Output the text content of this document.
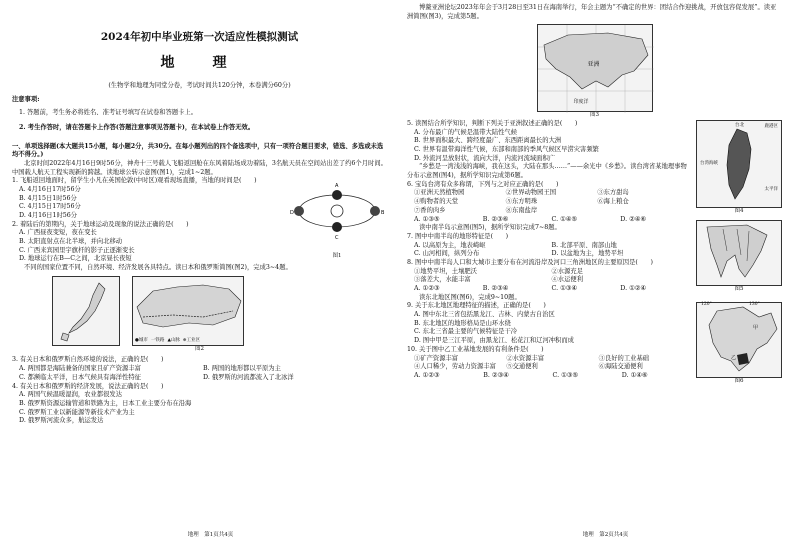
2024年初中毕业班第一次适应性模拟测试
地　理

(生物学和地理为同堂分卷，考试时间共120分钟，本卷满分60分)

注意事项:

1. 答题前，考生务必将姓名、准考证号填写在试卷和答题卡上。

2. 考生作答时，请在答题卡上作答(答题注意事项见答题卡)，在本试卷上作答无效。

一、单项选择题(本大题共15小题，每小题2分，共30分。在每小题列出的四个备选项中，只有一项符合题目要求，错选、多选或未选均不得分。)

北京时间2022年4月16日9时56分，神舟十三号载人飞船返回舱在东风着陆场成功着陆，3名航天员在空间站出差了约6个月时间。中国载人航天工程实现新的跨越。读地球公转示意图(图1)，完成1~2题。

1. 飞船返回地面时，留学生小凡在英国伦敦(中时区)观看现场直播，当地的时间是(　　)

A. 4月16日17时56分

B. 4月15日1时56分

C. 4月15日17时56分

D. 4月16日1时56分

2. 着陆后的第期内，关于地球运动及现象的说法正确的是(　　)

A. 广西昼夜变短，夜在变长

B. 太阳直射点在北半球，并向北移动

C. 广西来宾园里宇旗杆的影子正逐渐变长

D. 地球运行在B—C之间，北京昼长夜短

A
D	B
C
图1

不同的国家位置不同，自然环境、经济发展各具特点。读日本和俄罗斯简图(图2)，完成3~4题。

●城市 一铁路 ▲山脉 ⊕工业区
图2

3. 有关日本和俄罗斯自然环境的说法，正确的是(　　)

A. 两国都是海陆兼备的国家且矿产资源丰富	B. 两国的地形都以平原为主

C. 都濒临太平洋，日本气候具有海洋性特征	D. 俄罗斯的河流都流入了北冰洋

4. 有关日本和俄罗斯的经济发展，说法正确的是(　　)

A. 两国气候温暖湿润，农业都很发达

B. 俄罗斯资源运输管道和铁路为主，日本工业主要分布在沿海

C. 俄罗斯工业以新能源等新技术产业为主

D. 俄罗斯河流众多，航运发达

地理　第1页共4页

博鳌亚洲论坛2023年年会于3月28日至31日在海南举行，年会主题为“不确定的世界：团结合作迎挑战，开放包容促发展”。读亚洲简图(图3)，完成第5题。

亚洲
印度洋
图3

5. 读图结合所学知识，判断下列关于亚洲叙述正确的是(　　)

A. 分布最广的气候是温带大陆性气候

B. 世界面积最大、跨经度最广、东西距离最长的大洲

C. 世界有温带海洋性气候，东部和南部的季风气候区早涝灾害频繁

D. 外流河呈放射状，流向大洋，内流河流域面积广

“乡愁是一湾浅浅的海峡，我在这头，大陆在那头……”——余光中《乡愁》。读台湾省某地理事物分布示意图(图4)，据所学知识完成第6题。

6. 宝岛台湾有众多称谓，下列与之对应正确的是(　　)

①亚洲天然植物园	②世界动物园王国	③东方甜岛

④购物者的天堂	⑤东方明珠	⑥海上粮仓

⑦香的肉乡	⑧东南盐岸

A. ①③⑤	B. ②③⑥	C. ①④⑤	D. ②④⑥

读中南半岛示意图(图5)，据所学知识完成7~8题。

7. 图中中南半岛的地形特征是(　　)

A. 以高原为主，地表崎岖	B. 北部平原、南部山地

C. 山河相间，纵列分布	D. 以盆地为主，地势平坦

8. 图中中南半岛人口和大城市主要分布在河流沿岸及河口三角洲地区的主要原因是(　　)

①地势平坦，土壤肥沃	②水源充足

③落差大，水能丰富	④水运便利

A. ①②③	B. ②③④	C. ①③④	D. ①②④

读东北地区图(图6)，完成9~10题。

鹿港区
台北
台湾海峡
太平洋
图4
图5

9. 关于东北地区地理特征的描述，正确的是(　　)

A. 图中东北三省包括黑龙江、吉林、内蒙古自治区

B. 东北地区的地形格局是山环水绕

C. 东北三省最主要的气候特征是干冷

D. 图中甲是三江平原，由黑龙江、松花江和辽河冲积而成

10. 关于图中乙工业基地发展的有利条件是(　　)

①矿产资源丰富	②水资源丰富	③良好的工业基础

④人口稀少，劳动力资源丰富	⑤交通便利	⑥海陆交通便利

A. ①②③	B. ②③④	C. ①③⑤	D. ①④⑥

甲
乙
120°	130°
图6
地理　第2页共4页
